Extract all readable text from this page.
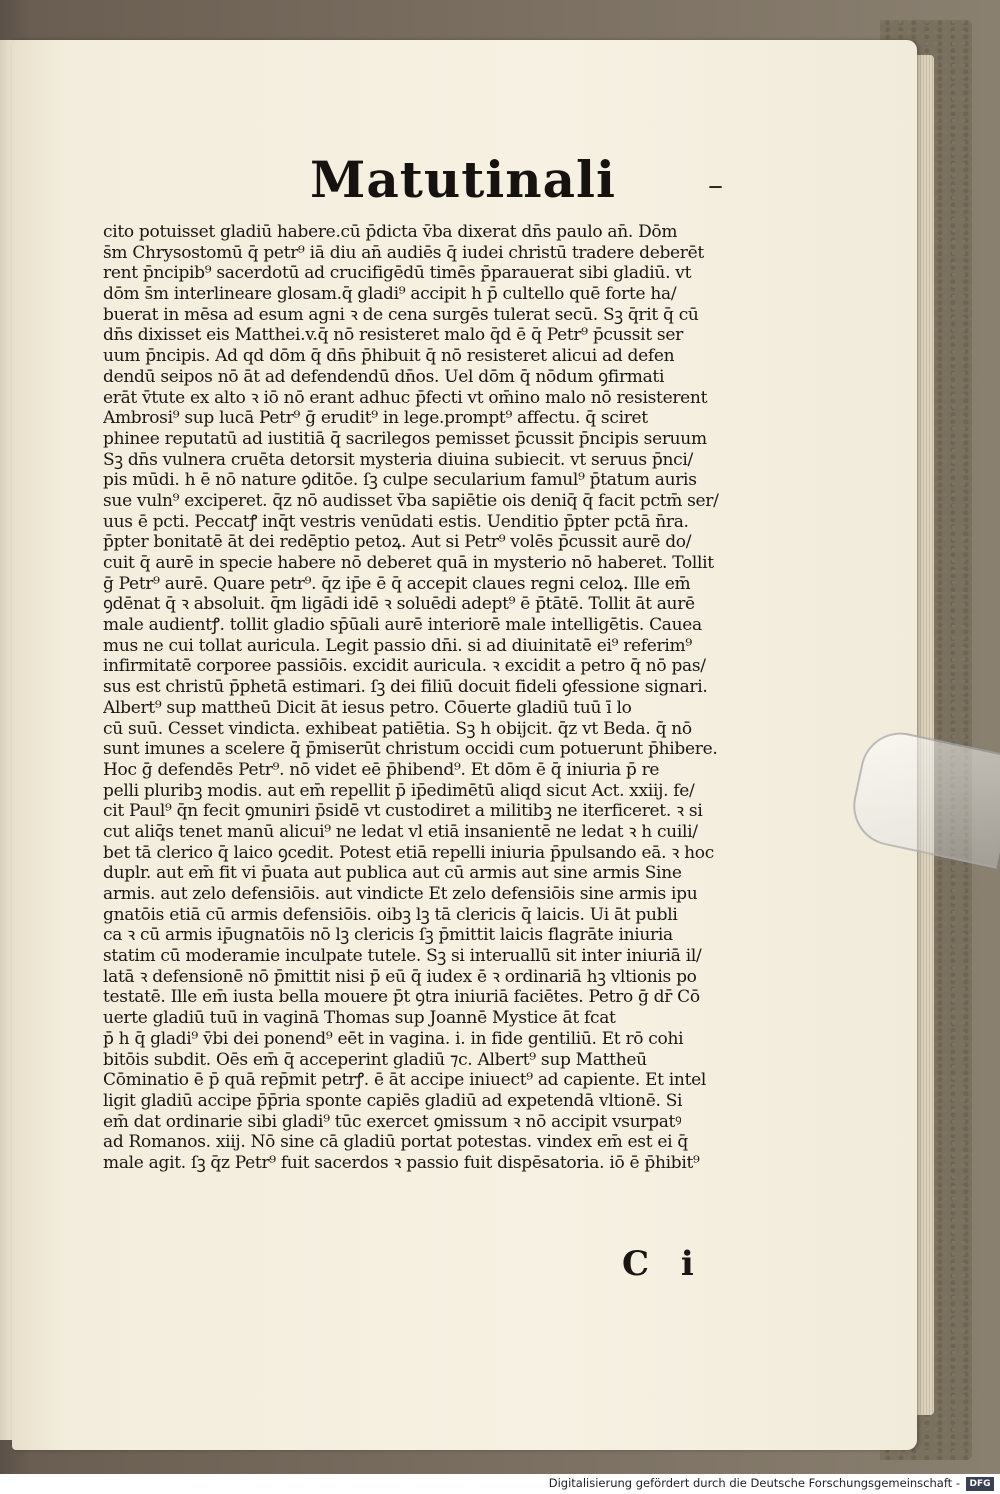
Matutinali	–
cito potuisset gladiū habere.cū p̄dicta v̄ba dixerat dn̄s paulo an̄. Dōm
s̄m Chrysostomū q̄ petr⁹ iā diu an̄ audiēs q̄ iudei christū tradere deberēt
rent p̄ncipib⁹ sacerdotū ad crucifigēdū timēs p̄parauerat sibi gladiū. vt
dōm s̄m interlineare glosam.q̄ gladi⁹ accipit̄ h̄ p̄ cultello quē forte ha/
buerat in mēsa ad esum agni ꝛ de cena surgēs tulerat secū. Sꝫ q̄rit̄ q̄ cū
dn̄s dixisset eis Matthei.v.q̄ nō resisteret malo q̄d ē q̄ Petr⁹ p̄cussit ser
uum p̄ncipis. Ad qd̄ dōm q̄ dn̄s p̄hibuit q̄ nō resisteret alicui ad defen
dendū seipos nō āt ad defendendū dn̄os. Uel dōm q̄ nōdum ꝯfirmati
erāt v̄tute ex alto ꝛ iō nō erant adhuc p̄fecti vt om̄ino malo nō resisterent
Ambrosi⁹ sup lucā Petr⁹ ḡ erudit⁹ in lege.prompt⁹ affectu. q̄ sciret
phinee reputatū ad iustitiā q̄ sacrilegos pemisset p̄cussit p̄ncipis seruum
Sꝫ dn̄s vulnera cruēta detorsit mysteria diuina subiecit. vt seruus p̄nci/
pis mūdi. h̄ ē nō nature ꝯditōe. ſꝫ culpe secularium famul⁹ p̄tatum auris
sue vuln⁹ exciperet. q̄z nō audisset v̄ba sapiētie ois deniq̄ q̄ facit pctm̄ ser/
uus ē pcti. Peccatꝭ inq̄t vestris venūdati estis. Uenditio p̄pter pctā n̄ra.
p̄pter bonitatē āt dei redēptio petoꝝ. Aut si Petr⁹ volēs p̄cussit aurē do/
cuit q̄ aurē in specie habere nō deberet quā in mysterio nō haberet. Tollit
ḡ Petr⁹ aurē. Quare petr⁹. q̄z ip̄e ē q̄ accepit claues regni celoꝝ. Ille em̄
ꝯdēnat q̄ ꝛ absoluit. q̄m ligādi idē ꝛ soluēdi adept⁹ ē p̄tātē. Tollit āt aurē
male audientꝭ. tollit gladio sp̄ūali aurē interiorē male intelligētis. Cauea
mus ne cui tollat̄ auricula. Legit̄ passio dn̄i. si ad diuinitatē ei⁹ referim⁹
infirmitatē corporee passiōis. excidit auricula. ꝛ excidit a petro q̄ nō pas/
sus est christū p̄phetā estimari. ſꝫ dei filiū docuit fideli ꝯfessione signari.
Albert⁹ sup mattheū Dicit āt iesus petro. Cōuerte gladiū tuū ī lo
cū suū. Cesset vindicta. exhibeat̄ patiētia. Sꝫ h̄ obijcit̄. q̄z vt Beda. q̄ nō
sunt imunes a scelere q̄ p̄miserūt christum occidi cum potuerunt p̄hibere.
Hoc ḡ defendēs Petr⁹. nō videt̄ eē p̄hibend⁹. Et dōm ē q̄ iniuria p̄ re
pelli pluribꝫ modis. aut em̄ repellit̄ p̄ ip̄edimētū aliqd̄ sicut Act. xxiij. fe/
cit Paul⁹ q̄n fecit ꝯmuniri p̄sidē vt custodiret̄ a militibꝫ ne iterficeret̄. ꝛ si
cut aliq̄s tenet manū alicui⁹ ne ledat vl̄ etiā insanientē ne ledat ꝛ h̄ cuili/
bet tā clerico q̄ laico ꝯcedit̄. Potest etiā repelli iniuria p̄pulsando eā. ꝛ hoc
dupl̄r. aut em̄ fit vi p̄uata aut publica aut cū armis aut sine armis Sine
armis. aut zelo defensiōis. aut vindicte Et zelo defensiōis sine armis ipu
gnatōis etiā cū armis defensiōis. oibꝫ lꝫ tā clericis q̄ laicis. Ui āt publi
ca ꝛ cū armis ip̄ugnatōis nō lꝫ clericis ſꝫ p̄mittit̄ laicis flagrāte iniuria
statim cū moderamie inculpate tutele. Sꝫ si interuallū sit inter iniuriā il/
latā ꝛ defensionē nō p̄mittit̄ nisi p̄ eū q̄ iudex ē ꝛ ordinariā hꝫ vltionis po
testatē. Ille em̄ iusta bella mouere p̄t ꝯtra iniuriā faciētes. Petro ḡ dr̄ Cō
uerte gladiū tuū in vaginā Thomas sup Joannē Mystice āt fcat̄
p̄ h̄ q̄ gladi⁹ v̄bi dei ponend⁹ eēt in vagina. i. in fide gentiliū. Et rō cohi
bitōis subdit̄. Oēs em̄ q̄ acceperint gladiū ⁊c. Albert⁹ sup Mattheū
Cōminatio ē p̄ quā rep̄mit petrꝭ. ē āt accipe iniuect⁹ ad capiente. Et intel
ligit̄ gladiū accipe p̄p̄ria sponte capiēs gladiū ad expetendā vltionē. Si
em̄ dat̄ ordinarie sibi gladi⁹ tūc exercet ꝯmissum ꝛ nō accipit vsurpatꝰ
ad Romanos. xiij. Nō sine cā gladiū portat potestas. vindex em̄ est ei q̄
male agit. ſꝫ q̄z Petr⁹ fuit sacerdos ꝛ passio fuit dispēsatoria. iō ē p̄hibit⁹
C i
Digitalisierung gefördert durch die Deutsche Forschungsgemeinschaft -	DFG
